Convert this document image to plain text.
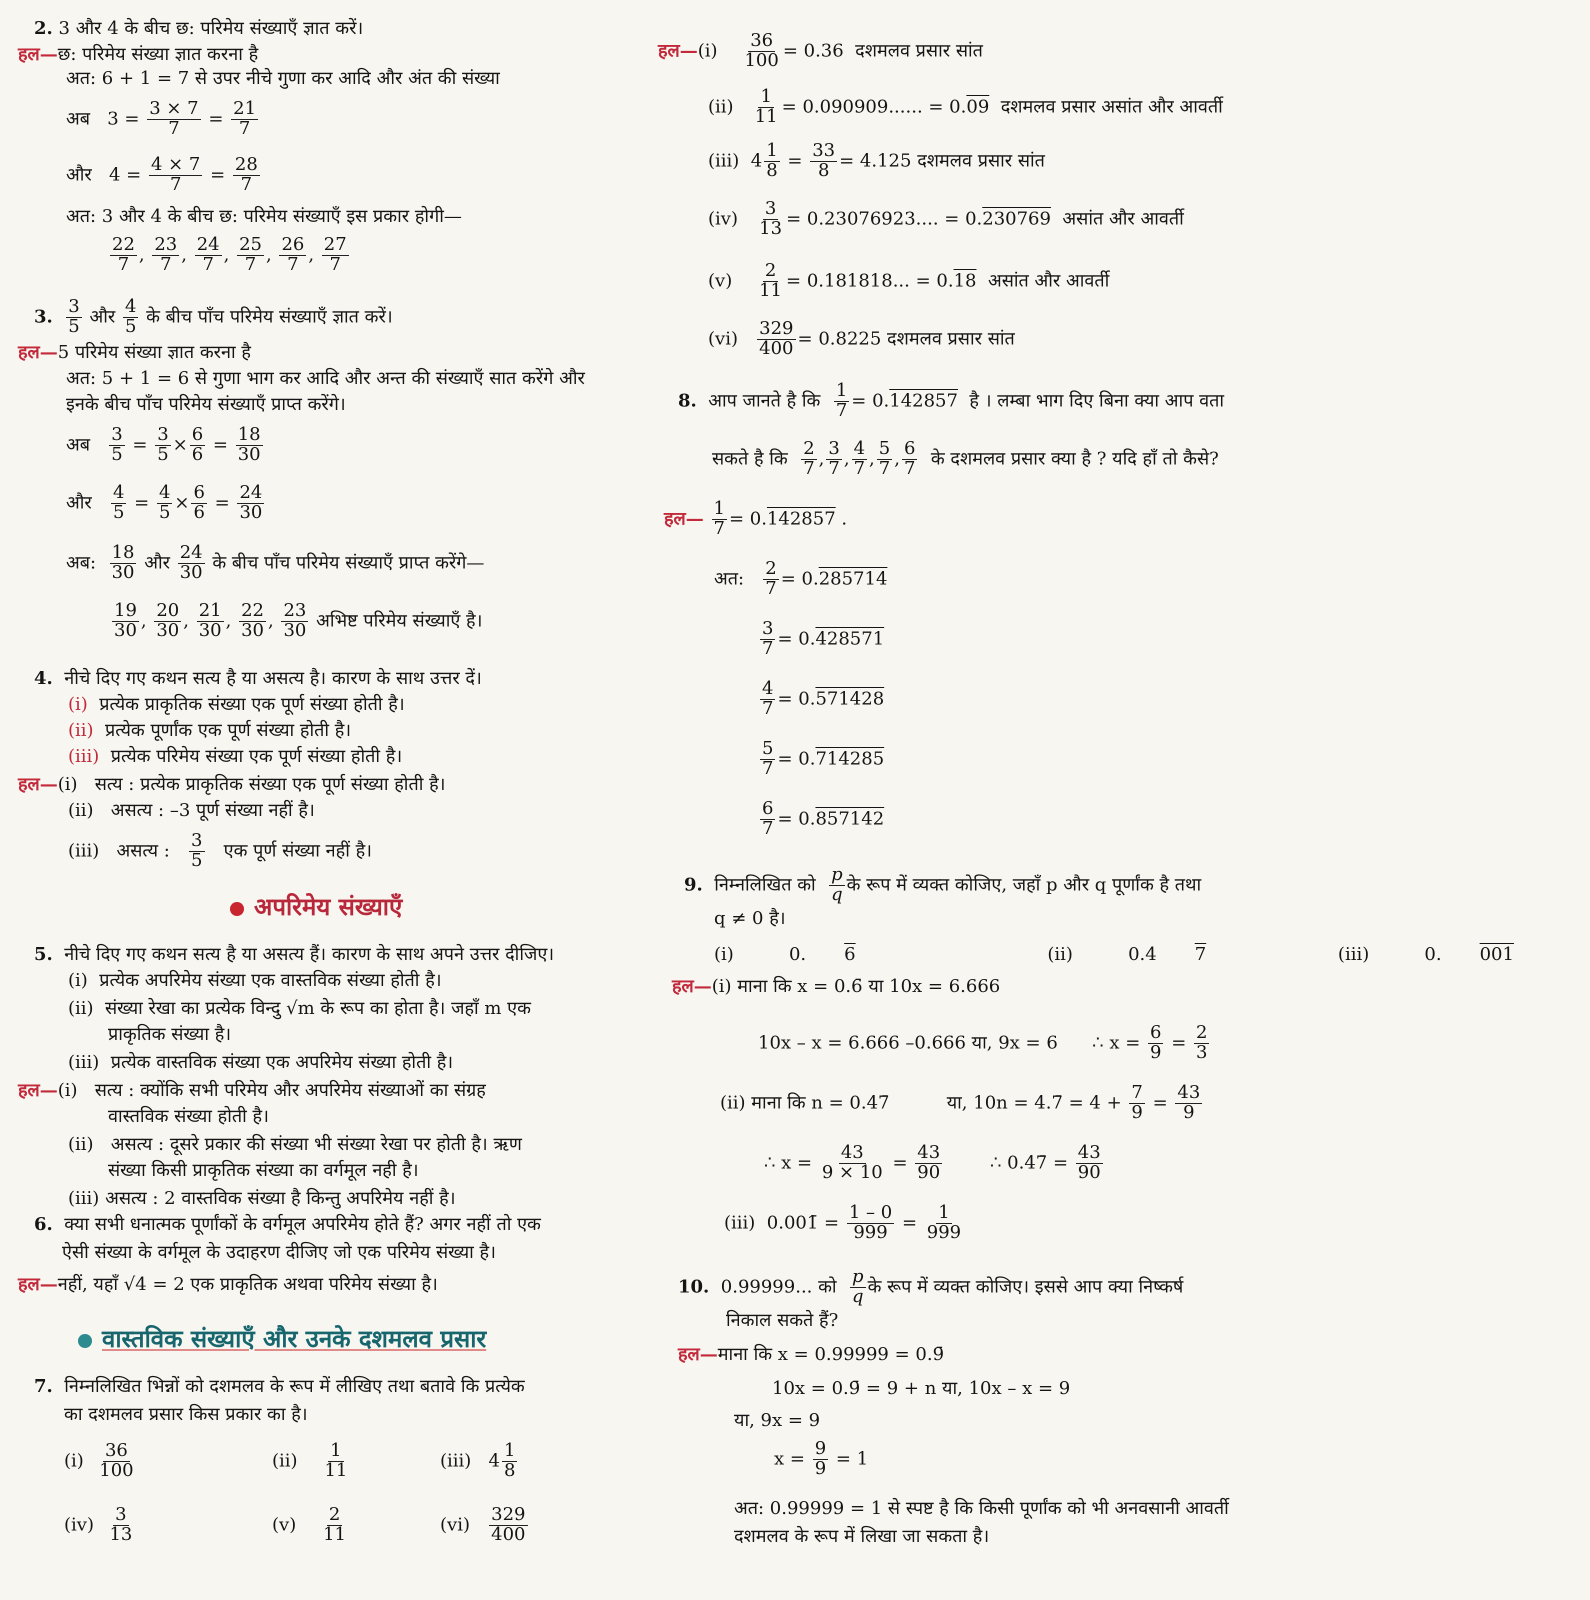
2. 3 और 4 के बीच छ: परिमेय संख्याएँ ज्ञात करें।
हल—छ: परिमेय संख्या ज्ञात करना है
अत: 6 + 1 = 7 से उपर नीचे गुणा कर आदि और अंत की संख्या
अब $3 = \frac{3 \times 7}{7} = \frac{21}{7}$
और $4 = \frac{4 \times 7}{7} = \frac{28}{7}$
अत: 3 और 4 के बीच छ: परिमेय संख्याएँ इस प्रकार होगी—
$\frac{22}{7}$ , $\frac{23}{7}$ , $\frac{24}{7}$ , $\frac{25}{7}$ , $\frac{26}{7}$ , $\frac{27}{7}$
3. $\frac{3}{5}$ और $\frac{4}{5}$ के बीच पाँच परिमेय संख्याएँ ज्ञात करें।
हल—5 परिमेय संख्या ज्ञात करना है
अत: 5 + 1 = 6 से गुणा भाग कर आदि और अन्त की संख्याएँ सात करेंगे और
इनके बीच पाँच परिमेय संख्याएँ प्राप्त करेंगे।
अब $\frac{3}{5} = \frac{3}{5} \times \frac{6}{6} = \frac{18}{30}$
और $\frac{4}{5} = \frac{4}{5} \times \frac{6}{6} = \frac{24}{30}$
अब: $\frac{18}{30}$ और $\frac{24}{30}$ के बीच पाँच परिमेय संख्याएँ प्राप्त करेंगे—
$\frac{19}{30}$ , $\frac{20}{30}$ , $\frac{21}{30}$ , $\frac{22}{30}$ , $\frac{23}{30}$ अभिष्ट परिमेय संख्याएँ है।
4. नीचे दिए गए कथन सत्य है या असत्य है। कारण के साथ उत्तर दें।
(i) प्रत्येक प्राकृतिक संख्या एक पूर्ण संख्या होती है।
(ii) प्रत्येक पूर्णांक एक पूर्ण संख्या होती है।
(iii) प्रत्येक परिमेय संख्या एक पूर्ण संख्या होती है।
हल—(i) सत्य : प्रत्येक प्राकृतिक संख्या एक पूर्ण संख्या होती है।
(ii) असत्य : –3 पूर्ण संख्या नहीं है।
(iii) असत्य : $\frac{3}{5}$ एक पूर्ण संख्या नहीं है।
अपरिमेय संख्याएँ
5. नीचे दिए गए कथन सत्य है या असत्य हैं। कारण के साथ अपने उत्तर दीजिए।
(i) प्रत्येक अपरिमेय संख्या एक वास्तविक संख्या होती है।
(ii) संख्या रेखा का प्रत्येक विन्दु √m के रूप का होता है। जहाँ m एक
प्राकृतिक संख्या है।
(iii) प्रत्येक वास्तविक संख्या एक अपरिमेय संख्या होती है।
हल—(i) सत्य : क्योंकि सभी परिमेय और अपरिमेय संख्याओं का संग्रह
वास्तविक संख्या होती है।
(ii) असत्य : दूसरे प्रकार की संख्या भी संख्या रेखा पर होती है। ऋण
संख्या किसी प्राकृतिक संख्या का वर्गमूल नही है।
(iii) असत्य : 2 वास्तविक संख्या है किन्तु अपरिमेय नहीं है।
6. क्या सभी धनात्मक पूर्णांकों के वर्गमूल अपरिमेय होते हैं? अगर नहीं तो एक
ऐसी संख्या के वर्गमूल के उदाहरण दीजिए जो एक परिमेय संख्या है।
हल—नहीं, यहाँ √4 = 2 एक प्राकृतिक अथवा परिमेय संख्या है।
वास्तविक संख्याएँ और उनके दशमलव प्रसार
7. निम्नलिखित भिन्नों को दशमलव के रूप में लीखिए तथा बतावे कि प्रत्येक
का दशमलव प्रसार किस प्रकार का है।
$(i) \frac{36}{100}$	$(ii) \frac{1}{11}$	(iii) $4 \frac{1}{8}$
$(iv) \frac{3}{13}$	$(v) \frac{2}{11}$	$(vi) \frac{329}{400}$
हल—(i) $\frac{36}{100} = 0.36$ दशमलव प्रसार सांत
$(ii) \frac{1}{11} = 0.090909$...... = 0.09 दशमलव प्रसार असांत और आवर्ती
(iii) $4 \frac{1}{8} = \frac{33}{8} = 4.125$ दशमलव प्रसार सांत
$(iv) \frac{3}{13} = 0.23076923$.... = 0.230769 असांत और आवर्ती
$(v) \frac{2}{11} = 0.181818$... = 0.18 असांत और आवर्ती
$(vi) \frac{329}{400} = 0.8225$ दशमलव प्रसार सांत
8. आप जानते है कि $\frac{1}{7} = 0.142857$ है । लम्बा भाग दिए बिना क्या आप वता
सकते है कि $\frac{2}{7}$ , $\frac{3}{7}$ , $\frac{4}{7}$ , $\frac{5}{7}$ , $\frac{6}{7}$ के दशमलव प्रसार क्या है ? यदि हाँ तो कैसे?
हल— $\frac{1}{7} = 0.142857$ .
अत: $\frac{2}{7} = 0.285714$
$\frac{3}{7} = 0.428571$
$\frac{4}{7} = 0.571428$
$\frac{5}{7} = 0.714285$
$\frac{6}{7} = 0.857142$
9. निम्नलिखित को $\frac{p}{q}$ के रूप में व्यक्त कोजिए, जहाँ p और q पूर्णांक है तथा
q ≠ 0 है।
(i)	0. 6	(ii)	0.4 7	(iii)	0. 001
हल—(i) माना कि x = 0.6̄ या 10x = 6.666
10x – x = 6.666 –0.666 या, 9x = 6 ∴ $x = \frac{6}{9} = \frac{2}{3}$
(ii) माना कि n = 0.47̄	या, 10n = 4.7̄ = $4 + \frac{7}{9} = \frac{43}{9}$
∴ $x = \frac{43}{9 \times 10} = \frac{43}{90}$	∴ 0.47̄ = $\frac{43}{90}$
(iii) 0.001̄ = $\frac{1 - 0}{999} = \frac{1}{999}$
10. 0.99999... को $\frac{p}{q}$ के रूप में व्यक्त कोजिए। इससे आप क्या निष्कर्ष
निकाल सकते हैं?
हल—माना कि x = 0.99999 = 0.9̄
10x = 0.9̄ = 9 + n या, 10x – x = 9
या, 9x = 9
$x = \frac{9}{9} = 1$
अत: 0.99999 = 1 से स्पष्ट है कि किसी पूर्णांक को भी अनवसानी आवर्ती
दशमलव के रूप में लिखा जा सकता है।
